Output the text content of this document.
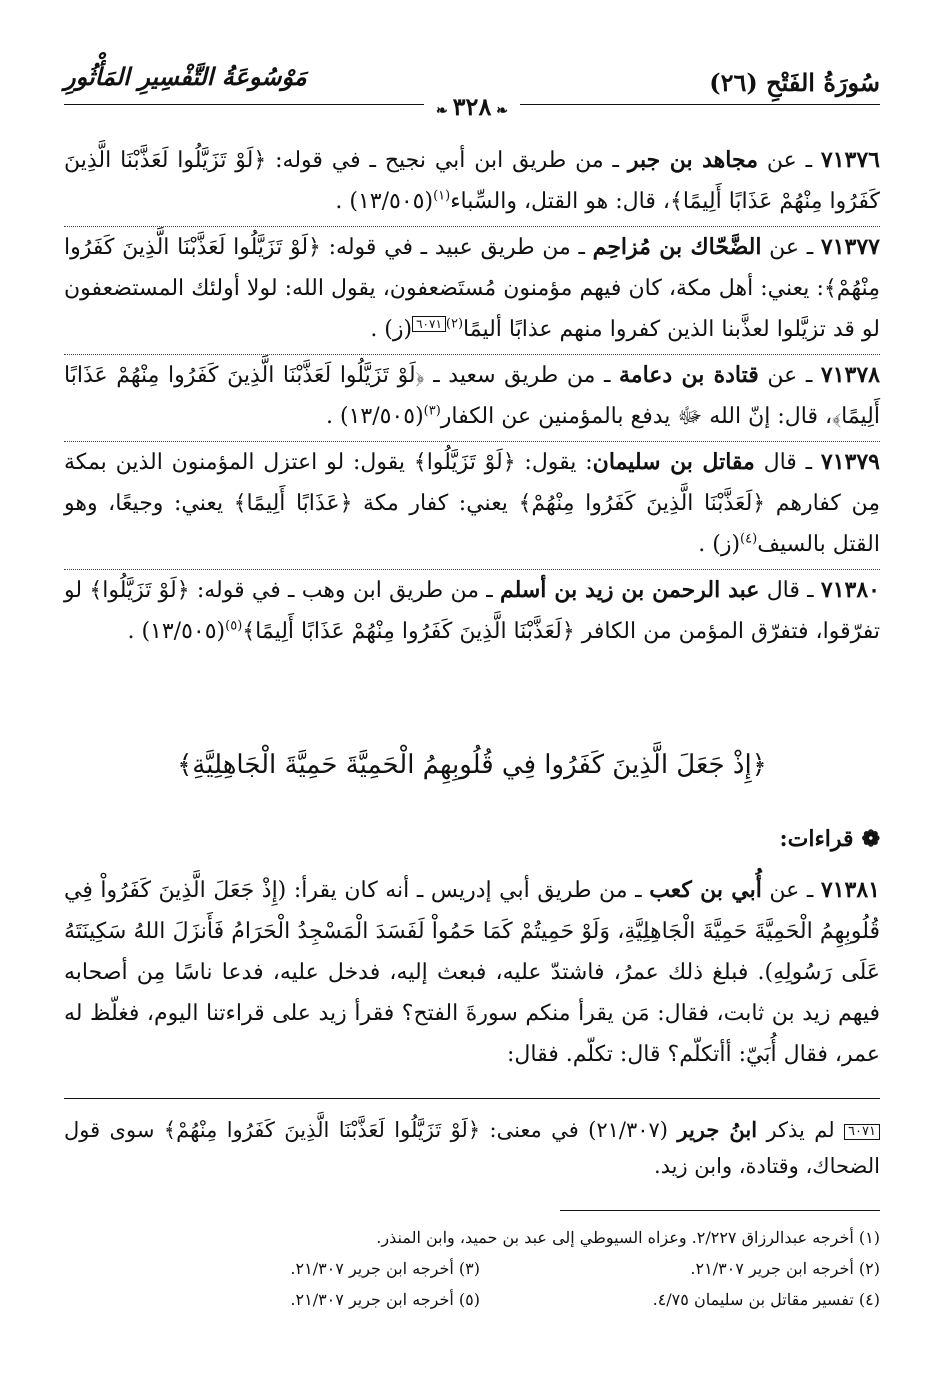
سُورَةُ الفَتْحِ (٢٦)
مَوْسُوعَةُ التَّفْسِيرِ المَأْثُورِ
❧ ٣٢٨ ❧

٧١٣٧٦ ـ عن مجاهد بن جبر ـ من طريق ابن أبي نجيح ـ في قوله: ﴿لَوْ تَزَيَّلُوا لَعَذَّبْنَا الَّذِينَ كَفَرُوا مِنْهُمْ عَذَابًا أَلِيمًا﴾، قال: هو القتل، والسِّباء$^{(١)}$. (١٣/٥٠٥)

٧١٣٧٧ ـ عن الضَّحّاك بن مُزاحِم ـ من طريق عبيد ـ في قوله: ﴿لَوْ تَزَيَّلُوا لَعَذَّبْنَا الَّذِينَ كَفَرُوا مِنْهُمْ﴾: يعني: أهل مكة، كان فيهم مؤمنون مُستَضعفون، يقول الله: لولا أولئك المستضعفون لو قد تزيَّلوا لعذَّبنا الذين كفروا منهم عذابًا أليمًا$^{(٢)}$٦٠٧١. (ز)

٧١٣٧٨ ـ عن قتادة بن دعامة ـ من طريق سعيد ـ ﴿لَوْ تَزَيَّلُوا لَعَذَّبْنَا الَّذِينَ كَفَرُوا مِنْهُمْ عَذَابًا أَلِيمًا﴾، قال: إنّ الله ﷻ يدفع بالمؤمنين عن الكفار$^{(٣)}$. (١٣/٥٠٥)

٧١٣٧٩ ـ قال مقاتل بن سليمان: يقول: ﴿لَوْ تَزَيَّلُوا﴾ يقول: لو اعتزل المؤمنون الذين بمكة مِن كفارهم ﴿لَعَذَّبْنَا الَّذِينَ كَفَرُوا مِنْهُمْ﴾ يعني: كفار مكة ﴿عَذَابًا أَلِيمًا﴾ يعني: وجيعًا، وهو القتل بالسيف$^{(٤)}$. (ز)

٧١٣٨٠ ـ قال عبد الرحمن بن زيد بن أسلم ـ من طريق ابن وهب ـ في قوله: ﴿لَوْ تَزَيَّلُوا﴾ لو تفرّقوا، فتفرّق المؤمن من الكافر ﴿لَعَذَّبْنَا الَّذِينَ كَفَرُوا مِنْهُمْ عَذَابًا أَلِيمًا﴾$^{(٥)}$. (١٣/٥٠٥)

﴿إِذْ جَعَلَ الَّذِينَ كَفَرُوا فِي قُلُوبِهِمُ الْحَمِيَّةَ حَمِيَّةَ الْجَاهِلِيَّةِ﴾
❁قراءات:

٧١٣٨١ ـ عن أُبي بن كعب ـ من طريق أبي إدريس ـ أنه كان يقرأ: (إِذْ جَعَلَ الَّذِينَ كَفَرُواْ فِي قُلُوبِهِمُ الْحَمِيَّةَ حَمِيَّةَ الْجَاهِلِيَّةِ، وَلَوْ حَمِيتُمْ كَمَا حَمُواْ لَفَسَدَ الْمَسْجِدُ الْحَرَامُ فَأَنزَلَ اللهُ سَكِينَتَهُ عَلَى رَسُولِهِ). فبلغ ذلك عمرُ، فاشتدّ عليه، فبعث إليه، فدخل عليه، فدعا ناسًا مِن أصحابه فيهم زيد بن ثابت، فقال: مَن يقرأ منكم سورةَ الفتح؟ فقرأ زيد على قراءتنا اليوم، فغلّظ له عمر، فقال أُبَيّ: أأتكلّم؟ قال: تكلّم. فقال:

٦٠٧١ لم يذكر ابنُ جرير (٢١/٣٠٧) في معنى: ﴿لَوْ تَزَيَّلُوا لَعَذَّبْنَا الَّذِينَ كَفَرُوا مِنْهُمْ﴾ سوى قول الضحاك، وقتادة، وابن زيد.
(١) أخرجه عبدالرزاق ٢/٢٢٧. وعزاه السيوطي إلى عبد بن حميد، وابن المنذر.
(٢) أخرجه ابن جرير ٢١/٣٠٧.
(٣) أخرجه ابن جرير ٢١/٣٠٧.
(٤) تفسير مقاتل بن سليمان ٤/٧٥.
(٥) أخرجه ابن جرير ٢١/٣٠٧.
